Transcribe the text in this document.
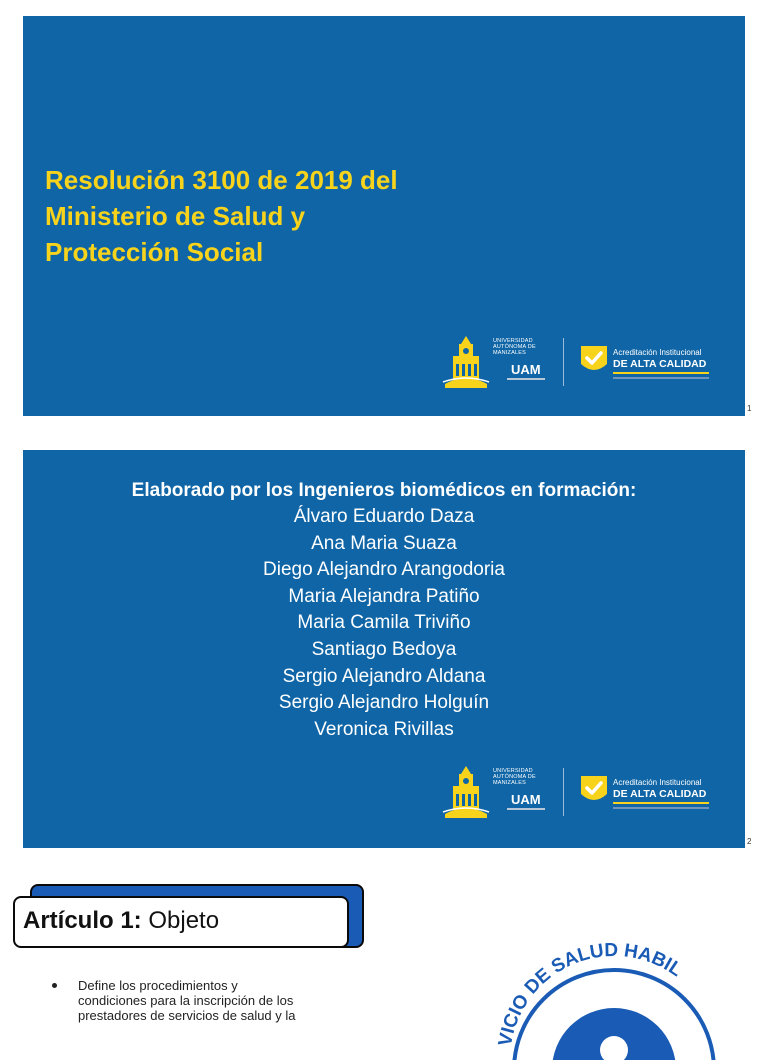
Resolución 3100 de 2019 del
Ministerio de Salud y
Protección Social
UNIVERSIDAD
AUTÓNOMA DE
MANIZALES
UAM
Acreditación Institucional
DE ALTA CALIDAD
1
Elaborado por los Ingenieros biomédicos en formación:
Álvaro Eduardo Daza
Ana Maria Suaza
Diego Alejandro Arangodoria
Maria Alejandra Patiño
Maria Camila Triviño
Santiago Bedoya
Sergio Alejandro Aldana
Sergio Alejandro Holguín
Veronica Rivillas
UNIVERSIDAD
AUTÓNOMA DE
MANIZALES
UAM
Acreditación Institucional
DE ALTA CALIDAD
2
Artículo 1: Objeto
Define los procedimientos y
condiciones para la inscripción de los
prestadores de servicios de salud y la
VICIO DE SALUD HABIL
